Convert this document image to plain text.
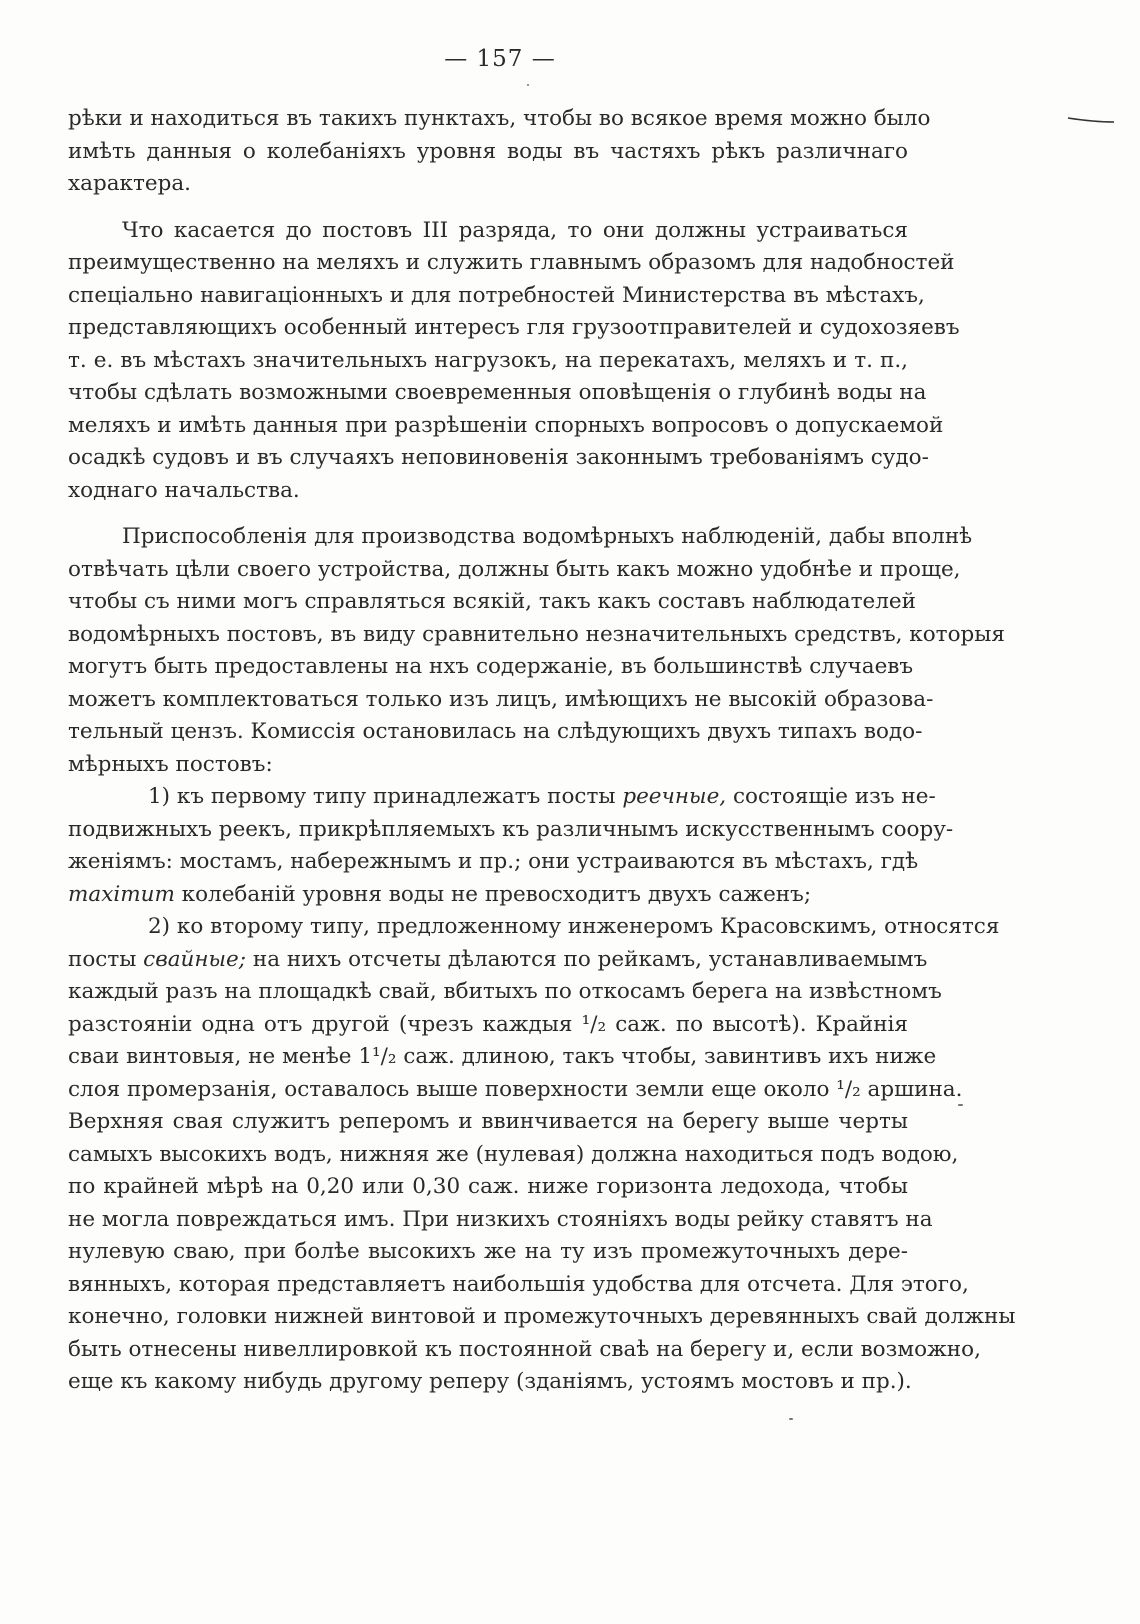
— 157 —
рѣки и находиться въ такихъ пунктахъ, чтобы во всякое время можно было
имѣть данныя о колебаніяхъ уровня воды въ частяхъ рѣкъ различнаго
характера.
Что касается до постовъ III разряда, то они должны устраиваться
преимущественно на меляхъ и служить главнымъ образомъ для надобностей
спеціально навигаціонныхъ и для потребностей Министерства въ мѣстахъ,
представляющихъ особенный интересъ гля грузоотправителей и судохозяевъ
т. е. въ мѣстахъ значительныхъ нагрузокъ, на перекатахъ, меляхъ и т. п.,
чтобы сдѣлать возможными своевременныя оповѣщенія о глубинѣ воды на
меляхъ и имѣть данныя при разрѣшеніи спорныхъ вопросовъ о допускаемой
осадкѣ судовъ и въ случаяхъ неповиновенія законнымъ требованіямъ судо-
ходнаго начальства.
Приспособленія для производства водомѣрныхъ наблюденій, дабы вполнѣ
отвѣчать цѣли своего устройства, должны быть какъ можно удобнѣе и проще,
чтобы съ ними могъ справляться всякій, такъ какъ составъ наблюдателей
водомѣрныхъ постовъ, въ виду сравнительно незначительныхъ средствъ, которыя
могутъ быть предоставлены на нхъ содержаніе, въ большинствѣ случаевъ
можетъ комплектоваться только изъ лицъ, имѣющихъ не высокій образова-
тельный цензъ. Комиссія остановилась на слѣдующихъ двухъ типахъ водо-
мѣрныхъ постовъ:
1) къ первому типу принадлежатъ посты реечные, состоящіе изъ не-
подвижныхъ реекъ, прикрѣпляемыхъ къ различнымъ искусственнымъ соору-
женіямъ: мостамъ, набережнымъ и пр.; они устраиваются въ мѣстахъ, гдѣ
maximum колебаній уровня воды не превосходитъ двухъ саженъ;
2) ко второму типу, предложенному инженеромъ Красовскимъ, относятся
посты свайные; на нихъ отсчеты дѣлаются по рейкамъ, устанавливаемымъ
каждый разъ на площадкѣ свай, вбитыхъ по откосамъ берега на извѣстномъ
разстояніи одна отъ другой (чрезъ каждыя ¹/₂ саж. по высотѣ). Крайнія
сваи винтовыя, не менѣе 1¹/₂ саж. длиною, такъ чтобы, завинтивъ ихъ ниже
слоя промерзанія, оставалось выше поверхности земли еще около ¹/₂ аршина.
Верхняя свая служитъ реперомъ и ввинчивается на берегу выше черты
самыхъ высокихъ водъ, нижняя же (нулевая) должна находиться подъ водою,
по крайней мѣрѣ на 0,20 или 0,30 саж. ниже горизонта ледохода, чтобы
не могла повреждаться имъ. При низкихъ стояніяхъ воды рейку ставятъ на
нулевую сваю, при болѣе высокихъ же на ту изъ промежуточныхъ дере-
вянныхъ, которая представляетъ наибольшія удобства для отсчета. Для этого,
конечно, головки нижней винтовой и промежуточныхъ деревянныхъ свай должны
быть отнесены нивеллировкой къ постоянной сваѣ на берегу и, если возможно,
еще къ какому нибудь другому реперу (зданіямъ, устоямъ мостовъ и пр.).
